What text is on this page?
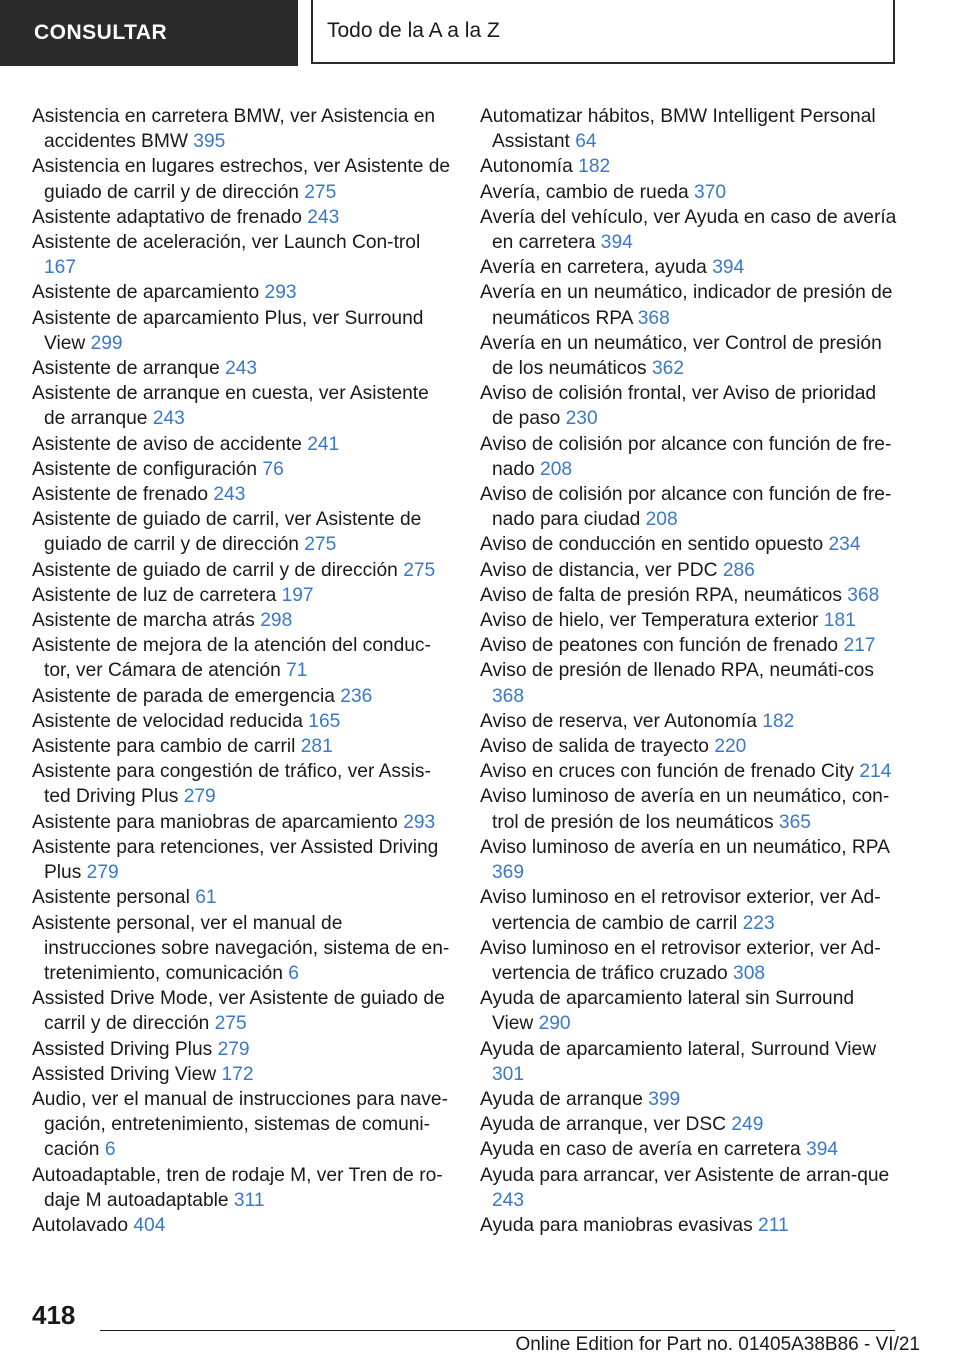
CONSULTAR	Todo de la A a la Z
Asistencia en carretera BMW, ver Asistencia en accidentes BMW 395
Asistencia en lugares estrechos, ver Asistente de guiado de carril y de dirección 275
Asistente adaptativo de frenado 243
Asistente de aceleración, ver Launch Con-trol 167
Asistente de aparcamiento 293
Asistente de aparcamiento Plus, ver Surround View 299
Asistente de arranque 243
Asistente de arranque en cuesta, ver Asistente de arranque 243
Asistente de aviso de accidente 241
Asistente de configuración 76
Asistente de frenado 243
Asistente de guiado de carril, ver Asistente de guiado de carril y de dirección 275
Asistente de guiado de carril y de dirección 275
Asistente de luz de carretera 197
Asistente de marcha atrás 298
Asistente de mejora de la atención del conduc-tor, ver Cámara de atención 71
Asistente de parada de emergencia 236
Asistente de velocidad reducida 165
Asistente para cambio de carril 281
Asistente para congestión de tráfico, ver Assis-ted Driving Plus 279
Asistente para maniobras de aparcamiento 293
Asistente para retenciones, ver Assisted Driving Plus 279
Asistente personal 61
Asistente personal, ver el manual de instrucciones sobre navegación, sistema de en-tretenimiento, comunicación 6
Assisted Drive Mode, ver Asistente de guiado de carril y de dirección 275
Assisted Driving Plus 279
Assisted Driving View 172
Audio, ver el manual de instrucciones para nave-gación, entretenimiento, sistemas de comuni-cación 6
Autoadaptable, tren de rodaje M, ver Tren de ro-daje M autoadaptable 311
Autolavado 404
Automatizar hábitos, BMW Intelligent Personal Assistant 64
Autonomía 182
Avería, cambio de rueda 370
Avería del vehículo, ver Ayuda en caso de avería en carretera 394
Avería en carretera, ayuda 394
Avería en un neumático, indicador de presión de neumáticos RPA 368
Avería en un neumático, ver Control de presión de los neumáticos 362
Aviso de colisión frontal, ver Aviso de prioridad de paso 230
Aviso de colisión por alcance con función de fre-nado 208
Aviso de colisión por alcance con función de fre-nado para ciudad 208
Aviso de conducción en sentido opuesto 234
Aviso de distancia, ver PDC 286
Aviso de falta de presión RPA, neumáticos 368
Aviso de hielo, ver Temperatura exterior 181
Aviso de peatones con función de frenado 217
Aviso de presión de llenado RPA, neumáti-cos 368
Aviso de reserva, ver Autonomía 182
Aviso de salida de trayecto 220
Aviso en cruces con función de frenado City 214
Aviso luminoso de avería en un neumático, con-trol de presión de los neumáticos 365
Aviso luminoso de avería en un neumático, RPA 369
Aviso luminoso en el retrovisor exterior, ver Ad-vertencia de cambio de carril 223
Aviso luminoso en el retrovisor exterior, ver Ad-vertencia de tráfico cruzado 308
Ayuda de aparcamiento lateral sin Surround View 290
Ayuda de aparcamiento lateral, Surround View 301
Ayuda de arranque 399
Ayuda de arranque, ver DSC 249
Ayuda en caso de avería en carretera 394
Ayuda para arrancar, ver Asistente de arran-que 243
Ayuda para maniobras evasivas 211
418
Online Edition for Part no. 01405A38B86 - VI/21
